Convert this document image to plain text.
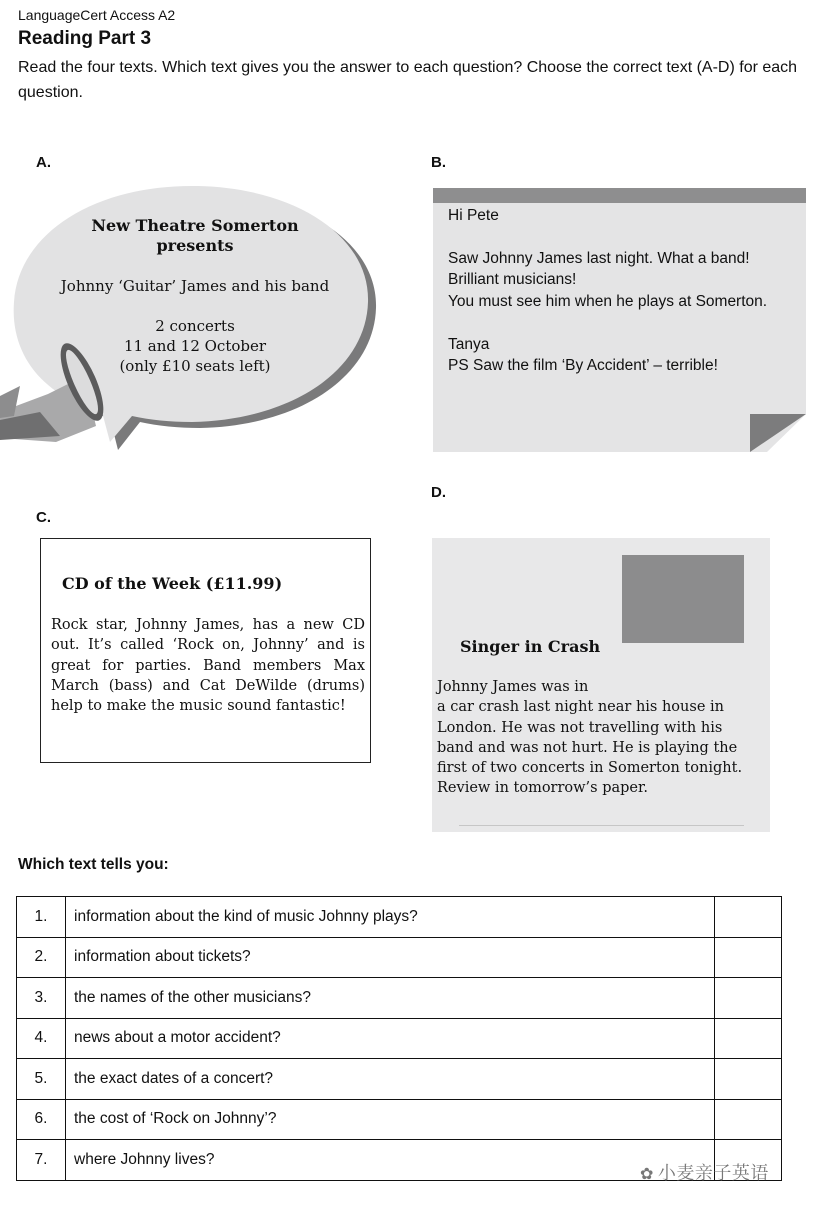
LanguageCert Access A2
Reading Part 3
Read the four texts. Which text gives you the answer to each question? Choose the correct text (A-D) for each question.
A.
New Theatre Somerton
presents
Johnny ‘Guitar’ James and his band
2 concerts
11 and 12 October
(only £10 seats left)
B.
Hi Pete
Saw Johnny James last night. What a band!
Brilliant musicians!
You must see him when he plays at Somerton.
Tanya
PS Saw the film ‘By Accident’ – terrible!
C.
CD of the Week (£11.99)
Rock star, Johnny James, has a new CD out. It’s called ‘Rock on, Johnny’ and is great for parties. Band members Max March (bass) and Cat DeWilde (drums) help to make the music sound fantastic!
D.
Singer in Crash
Johnny James was in
a car crash last night near his house in
London. He was not travelling with his
band and was not hurt. He is playing the
first of two concerts in Somerton tonight.
Review in tomorrow’s paper.
Which text tells you:
1.	information about the kind of music Johnny plays?	
2.	information about tickets?	
3.	the names of the other musicians?	
4.	news about a motor accident?	
5.	the exact dates of a concert?	
6.	the cost of ‘Rock on Johnny’?	
7.	where Johnny lives?	
✿ 小麦亲子英语
